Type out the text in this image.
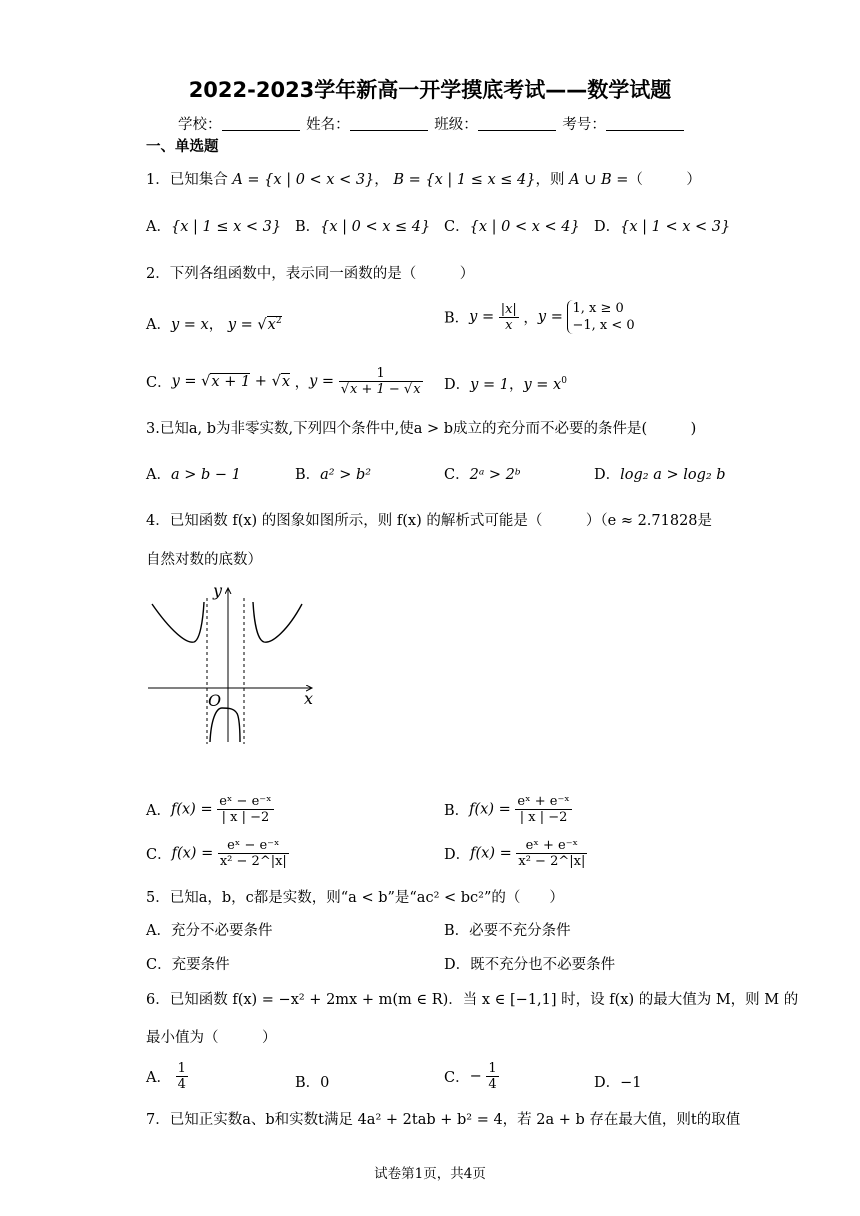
2022-2023学年新高一开学摸底考试——数学试题
学校：	姓名：	班级：	考号：
一、单选题
1．已知集合 A = {x | 0 < x < 3}， B = {x | 1 ≤ x ≤ 4}，则 A ∪ B =（　　　）
A．{x | 1 ≤ x < 3} B．{x | 0 < x ≤ 4} C．{x | 0 < x < 4} D．{x | 1 < x < 3}
2．下列各组函数中，表示同一函数的是（　　　）
A．y = x， $y = √x^2$	B．$y = \frac{|x|}{x}$ ，y =
1, x ≥ 0
−1, x < 0
C．y = √x + 1 + √x ，$y = \frac{1}{√x + 1 - √x}$ D．y = 1，$y = x^0$
3.已知a, b为非零实数,下列四个条件中,使a > b成立的充分而不必要的条件是(　　　)
A．a > b − 1	B．a² > b²	C．2ᵃ > 2ᵇ	D．log₂ a > log₂ b
4．已知函数 f(x) 的图象如图所示，则 f(x) 的解析式可能是（　　　）（e ≈ 2.71828是
自然对数的底数）
y
x
O
A．$f(x) = \frac{\text{eˣ − e⁻ˣ}}{| x | -2}$	B．$f(x) = \frac{\text{eˣ + e⁻ˣ}}{| x | -2}$
C．$f(x) = \frac{\text{eˣ − e⁻ˣ}}{\text{x² − 2\textasciicircum{}|x|}}$	D．$f(x) = \frac{\text{eˣ + e⁻ˣ}}{\text{x² − 2\textasciicircum{}|x|}}$
5．已知a，b，c都是实数，则“a < b”是“ac² < bc²”的（　　）
A．充分不必要条件	B．必要不充分条件
C．充要条件	D．既不充分也不必要条件
6．已知函数 f(x) = −x² + 2mx + m(m ∈ R)．当 x ∈ [−1,1] 时，设 f(x) 的最大值为 M，则 M 的
最小值为（　　　）
A． $\frac{1}{4}$	B．0	C．− $\frac{1}{4}$	D．−1
7．已知正实数a、b和实数t满足 4a² + 2tab + b² = 4，若 2a + b 存在最大值，则t的取值
试卷第1页，共4页
